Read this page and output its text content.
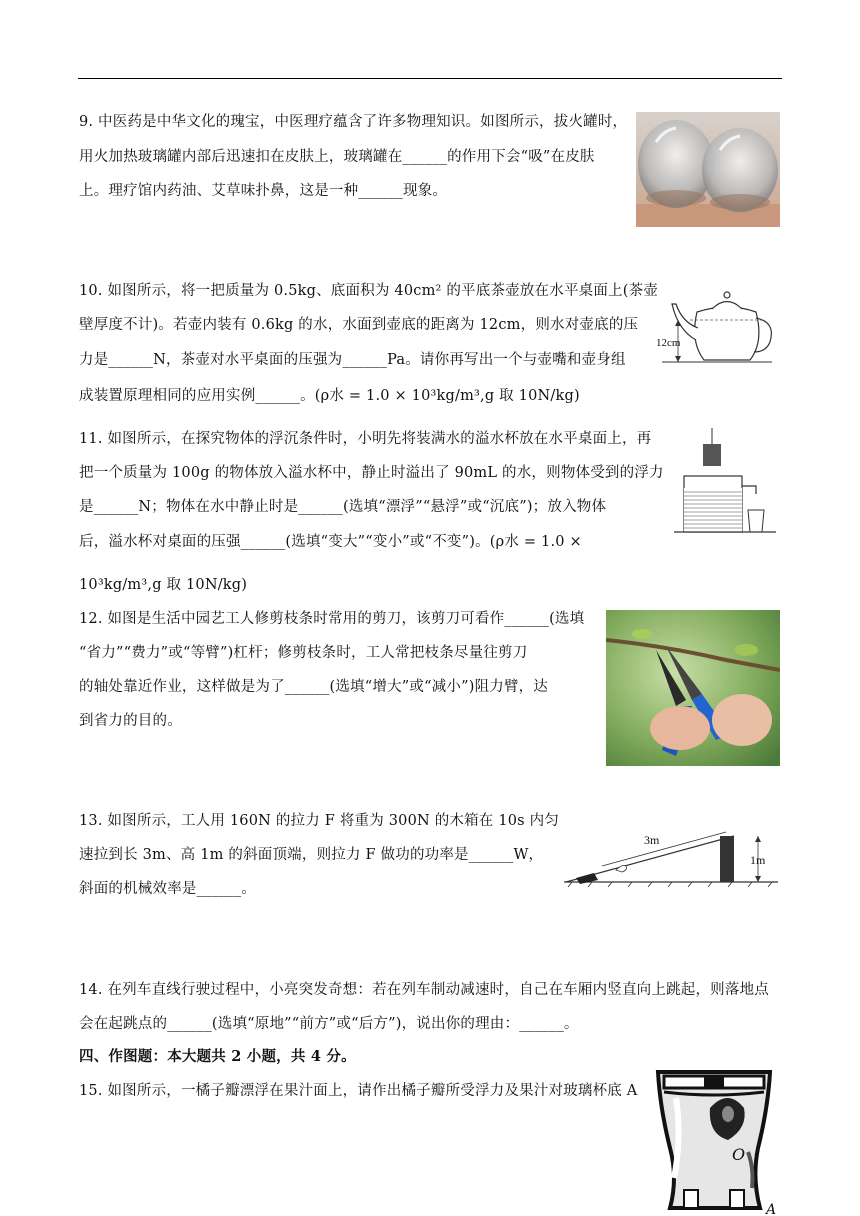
9. 中医药是中华文化的瑰宝，中医理疗蕴含了许多物理知识。如图所示，拔火罐时，
用火加热玻璃罐内部后迅速扣在皮肤上，玻璃罐在______的作用下会“吸”在皮肤
上。理疗馆内药油、艾草味扑鼻，这是一种______现象。
10. 如图所示，将一把质量为 0.5kg、底面积为 40cm² 的平底茶壶放在水平桌面上(茶壶
壁厚度不计)。若壶内装有 0.6kg 的水，水面到壶底的距离为 12cm，则水对壶底的压
力是______N，茶壶对水平桌面的压强为______Pa。请你再写出一个与壶嘴和壶身组
成装置原理相同的应用实例______。(ρ水 = 1.0 × 10³kg/m³,g 取 10N/kg)
12cm
11. 如图所示，在探究物体的浮沉条件时，小明先将装满水的溢水杯放在水平桌面上，再
把一个质量为 100g 的物体放入溢水杯中，静止时溢出了 90mL 的水，则物体受到的浮力
是______N；物体在水中静止时是______(选填“漂浮”“悬浮”或“沉底”)；放入物体
后，溢水杯对桌面的压强______(选填“变大”“变小”或“不变”)。(ρ水 = 1.0 ×
10³kg/m³,g 取 10N/kg)
12. 如图是生活中园艺工人修剪枝条时常用的剪刀，该剪刀可看作______(选填
“省力”“费力”或“等臂”)杠杆；修剪枝条时，工人常把枝条尽量往剪刀
的轴处靠近作业，这样做是为了______(选填“增大”或“减小”)阻力臂，达
到省力的目的。
13. 如图所示，工人用 160N 的拉力 F 将重为 300N 的木箱在 10s 内匀
速拉到长 3m、高 1m 的斜面顶端，则拉力 F 做功的功率是______W，
斜面的机械效率是______。
3m
1m
14. 在列车直线行驶过程中，小亮突发奇想：若在列车制动减速时，自己在车厢内竖直向上跳起，则落地点
会在起跳点的______(选填“原地”“前方”或“后方”)，说出你的理由：______。
四、作图题：本大题共 2 小题，共 4 分。
15. 如图所示，一橘子瓣漂浮在果汁面上，请作出橘子瓣所受浮力及果汁对玻璃杯底 A
O
A
